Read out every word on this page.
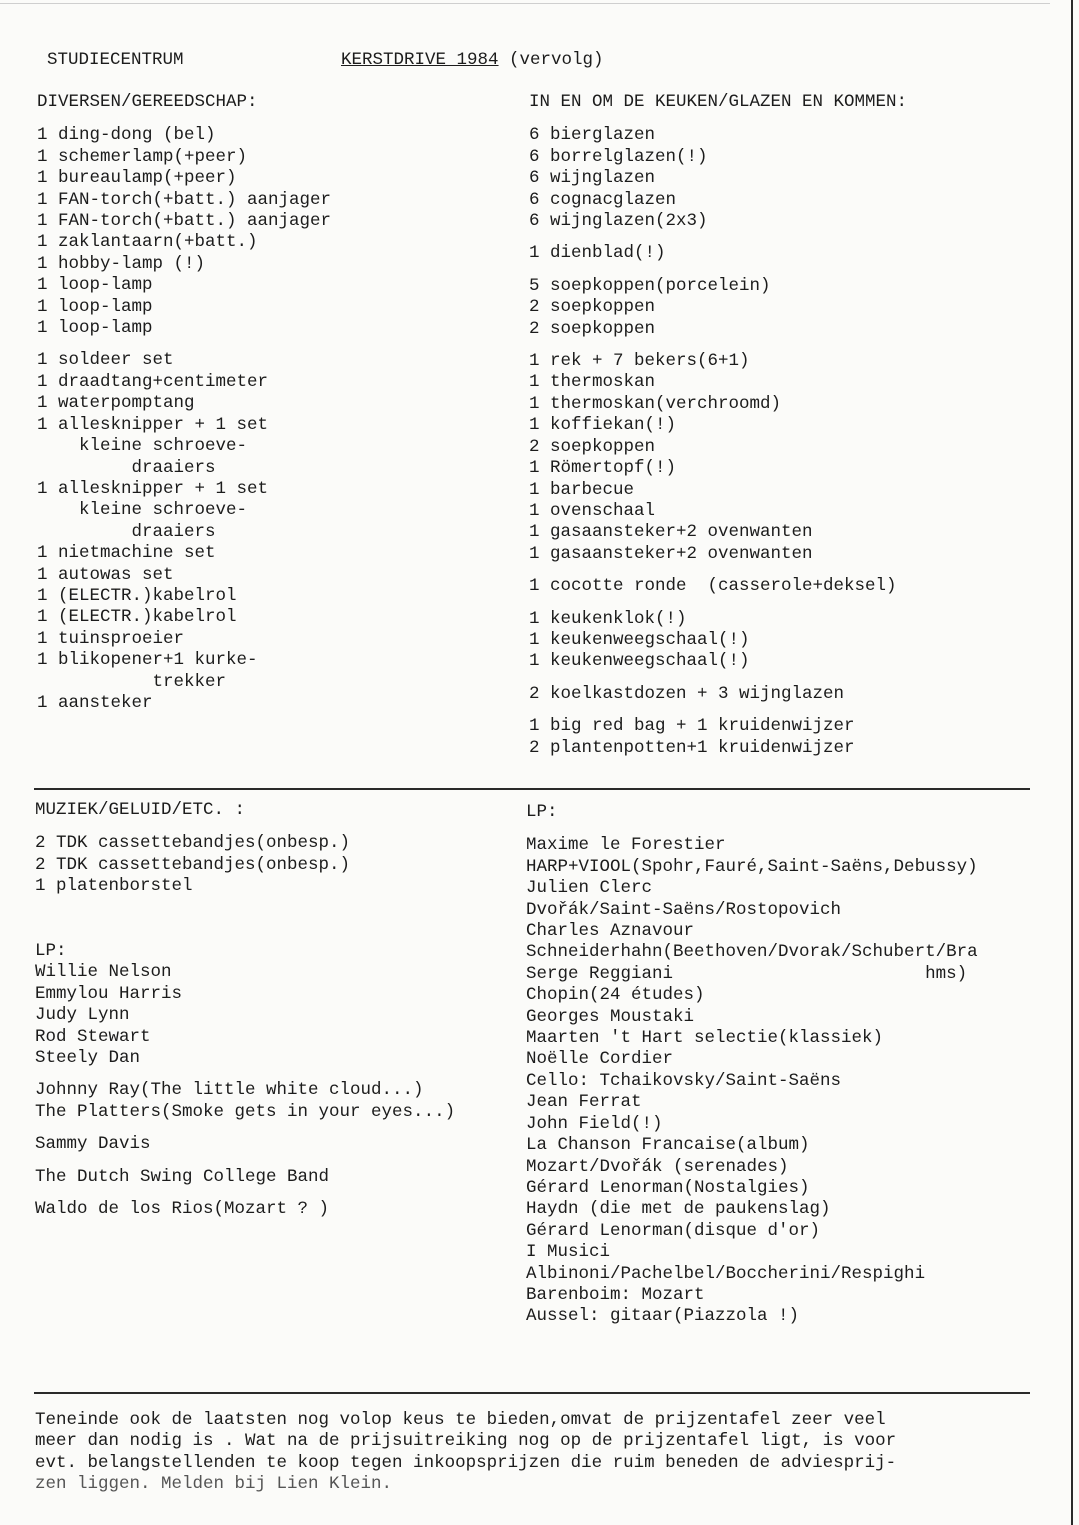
STUDIECENTRUM	KERSTDRIVE 1984 (vervolg)

DIVERSEN/GEREEDSCHAP:

1 ding-dong (bel)

1 schemerlamp(+peer)

1 bureaulamp(+peer)

1 FAN-torch(+batt.) aanjager

1 FAN-torch(+batt.) aanjager

1 zaklantaarn(+batt.)

1 hobby-lamp (!)

1 loop-lamp

1 loop-lamp

1 loop-lamp

1 soldeer set

1 draadtang+centimeter

1 waterpomptang

1 allesknipper + 1 set

kleine schroeve-

draaiers

1 allesknipper + 1 set

kleine schroeve-

draaiers

1 nietmachine set

1 autowas set

1 (ELECTR.)kabelrol

1 (ELECTR.)kabelrol

1 tuinsproeier

1 blikopener+1 kurke-

trekker

1 aansteker

IN EN OM DE KEUKEN/GLAZEN EN KOMMEN:

6 bierglazen

6 borrelglazen(!)

6 wijnglazen

6 cognacglazen

6 wijnglazen(2x3)

1 dienblad(!)

5 soepkoppen(porcelein)

2 soepkoppen

2 soepkoppen

1 rek + 7 bekers(6+1)

1 thermoskan

1 thermoskan(verchroomd)

1 koffiekan(!)

2 soepkoppen

1 Römertopf(!)

1 barbecue

1 ovenschaal

1 gasaansteker+2 ovenwanten

1 gasaansteker+2 ovenwanten

1 cocotte ronde  (casserole+deksel)

1 keukenklok(!)

1 keukenweegschaal(!)

1 keukenweegschaal(!)

2 koelkastdozen + 3 wijnglazen

1 big red bag + 1 kruidenwijzer

2 plantenpotten+1 kruidenwijzer

MUZIEK/GELUID/ETC. :

2 TDK cassettebandjes(onbesp.)

2 TDK cassettebandjes(onbesp.)

1 platenborstel

LP:

Willie Nelson

Emmylou Harris

Judy Lynn

Rod Stewart

Steely Dan

Johnny Ray(The little white cloud...)

The Platters(Smoke gets in your eyes...)

Sammy Davis

The Dutch Swing College Band

Waldo de los Rios(Mozart ? )

LP:

Maxime le Forestier

HARP+VIOOL(Spohr,Fauré,Saint-Saëns,Debussy)

Julien Clerc

Dvořák/Saint-Saëns/Rostopovich

Charles Aznavour

Schneiderhahn(Beethoven/Dvorak/Schubert/Bra

Serge Reggiani                        hms)

Chopin(24 études)

Georges Moustaki

Maarten 't Hart selectie(klassiek)

Noëlle Cordier

Cello: Tchaikovsky/Saint-Saëns

Jean Ferrat

John Field(!)

La Chanson Francaise(album)

Mozart/Dvořák (serenades)

Gérard Lenorman(Nostalgies)

Haydn (die met de paukenslag)

Gérard Lenorman(disque d'or)

I Musici

Albinoni/Pachelbel/Boccherini/Respighi

Barenboim: Mozart

Aussel: gitaar(Piazzola !)

Teneinde ook de laatsten nog volop keus te bieden,omvat de prijzentafel zeer veel

meer dan nodig is . Wat na de prijsuitreiking nog op de prijzentafel ligt, is voor

evt. belangstellenden te koop tegen inkoopsprijzen die ruim beneden de adviesprij-

zen liggen. Melden bij Lien Klein.
